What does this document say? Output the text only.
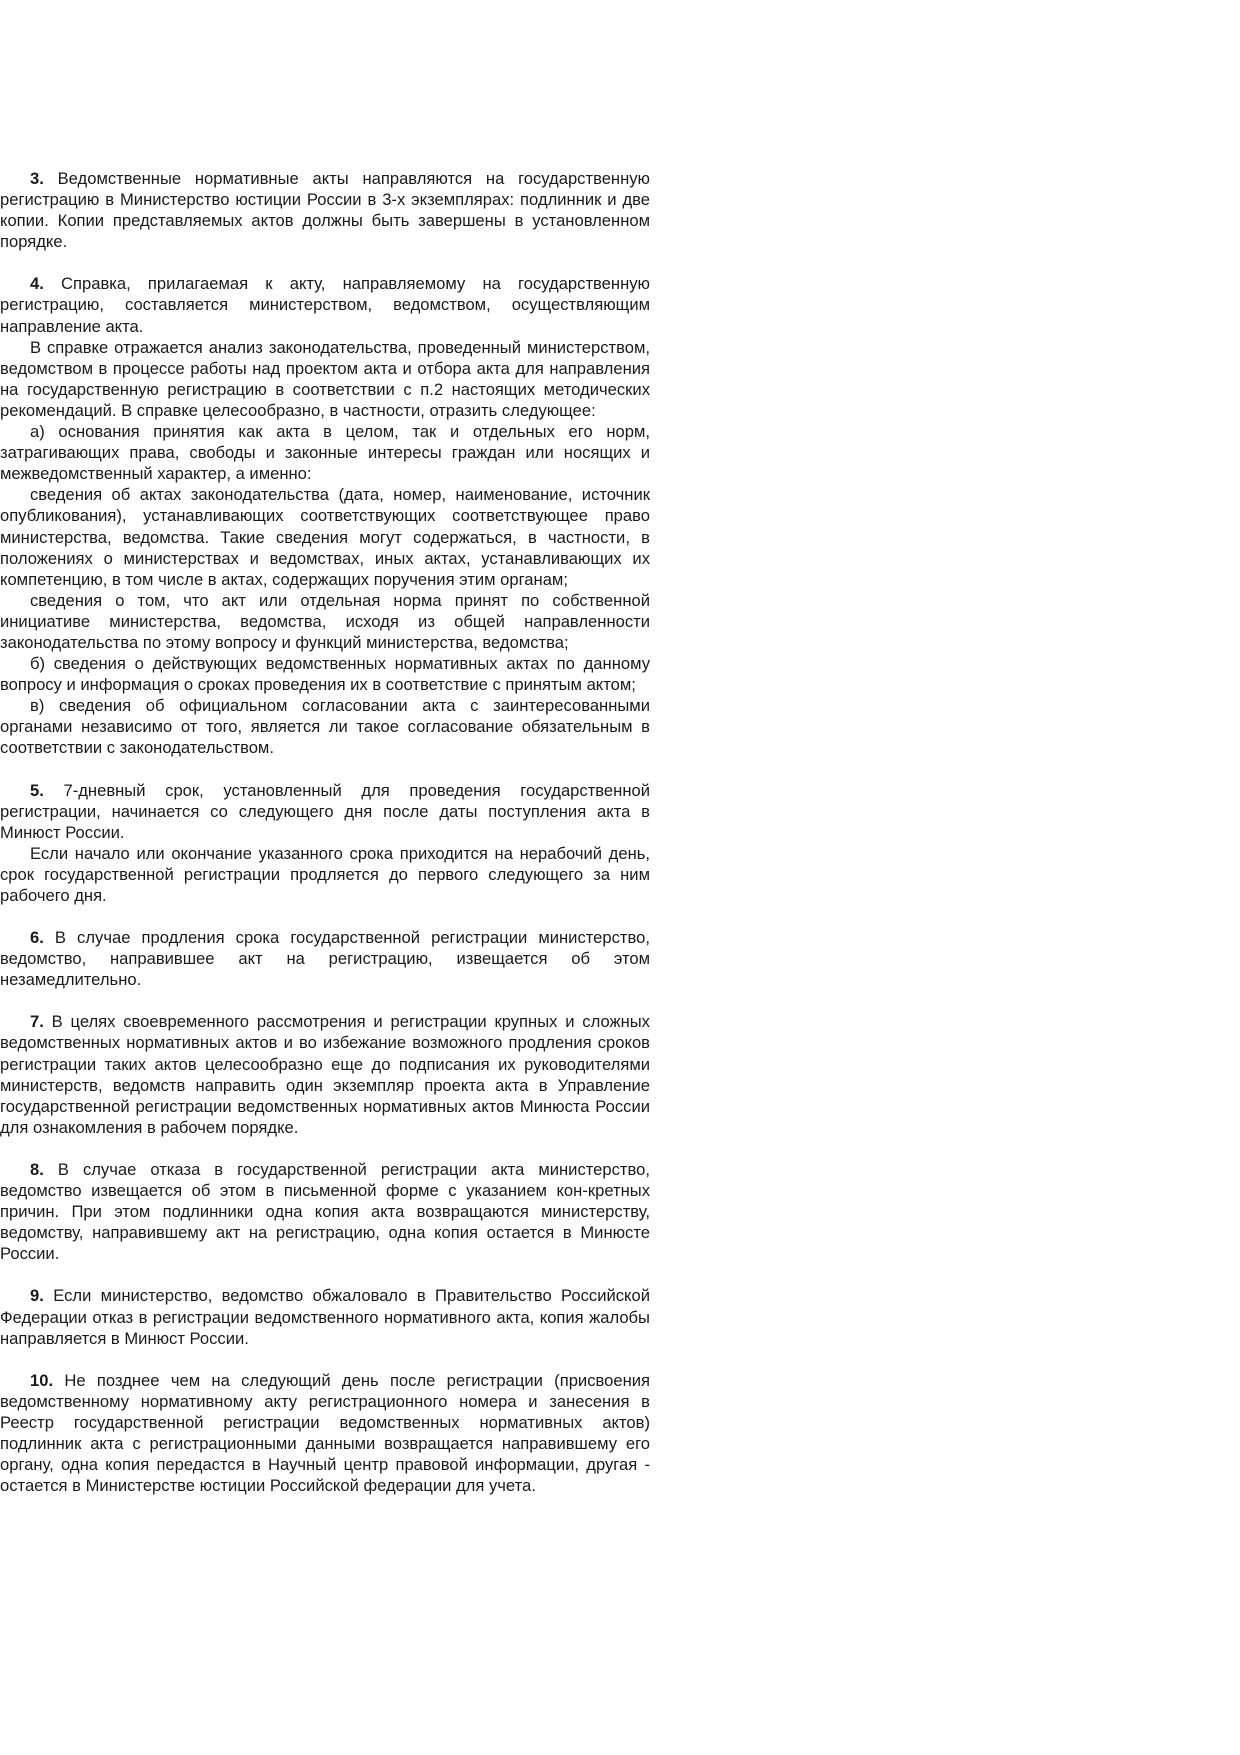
3. Ведомственные нормативные акты направляются на государственную регистрацию в Министерство юстиции России в 3-х экземплярах: подлинник и две копии. Копии представляемых актов должны быть завершены в установленном порядке.

4. Справка, прилагаемая к акту, направляемому на государственную регистрацию, составляется министерством, ведомством, осуществляющим направление акта.

В справке отражается анализ законодательства, проведенный министерством, ведомством в процессе работы над проектом акта и отбора акта для направления на государственную регистрацию в соответствии с п.2 настоящих методических рекомендаций. В справке целесообразно, в частности, отразить следующее:

а) основания принятия как акта в целом, так и отдельных его норм, затрагивающих права, свободы и законные интересы граждан или носящих и межведомственный характер, а именно:

сведения об актах законодательства (дата, номер, наименование, источник опубликования), устанавливающих соответствующих соответствующее право министерства, ведомства. Такие сведения могут содержаться, в частности, в положениях о министерствах и ведомствах, иных актах, устанавливающих их компетенцию, в том числе в актах, содержащих поручения этим органам;

сведения о том, что акт или отдельная норма принят по собственной инициативе министерства, ведомства, исходя из общей направленности законодательства по этому вопросу и функций министерства, ведомства;

б) сведения о действующих ведомственных нормативных актах по данному вопросу и информация о сроках проведения их в соответствие с принятым актом;

в) сведения об официальном согласовании акта с заинтересованными органами независимо от того, является ли такое согласование обязательным в соответствии с законодательством.

5. 7-дневный срок, установленный для проведения государственной регистрации, начинается со следующего дня после даты поступления акта в Минюст России.

Если начало или окончание указанного срока приходится на нерабочий день, срок государственной регистрации продляется до первого следующего за ним рабочего дня.

6. В случае продления срока государственной регистрации министерство, ведомство, направившее акт на регистрацию, извещается об этом незамедлительно.

7. В целях своевременного рассмотрения и регистрации крупных и сложных ведомственных нормативных актов и во избежание возможного продления сроков регистрации таких актов целесообразно еще до подписания их руководителями министерств, ведомств направить один экземпляр проекта акта в Управление государственной регистрации ведомственных нормативных актов Минюста России для ознакомления в рабочем порядке.

8. В случае отказа в государственной регистрации акта министерство, ведомство извещается об этом в письменной форме с указанием кон-кретных причин. При этом подлинники одна копия акта возвращаются министерству, ведомству, направившему акт на регистрацию, одна копия остается в Минюсте России.

9. Если министерство, ведомство обжаловало в Правительство Российской Федерации отказ в регистрации ведомственного нормативного акта, копия жалобы направляется в Минюст России.

10. Не позднее чем на следующий день после регистрации (присвоения ведомственному нормативному акту регистрационного номера и занесения в Реестр государственной регистрации ведомственных нормативных актов) подлинник акта с регистрационными данными возвращается направившему его органу, одна копия передастся в Научный центр правовой информации, другая - остается в Министерстве юстиции Российской федерации для учета.
